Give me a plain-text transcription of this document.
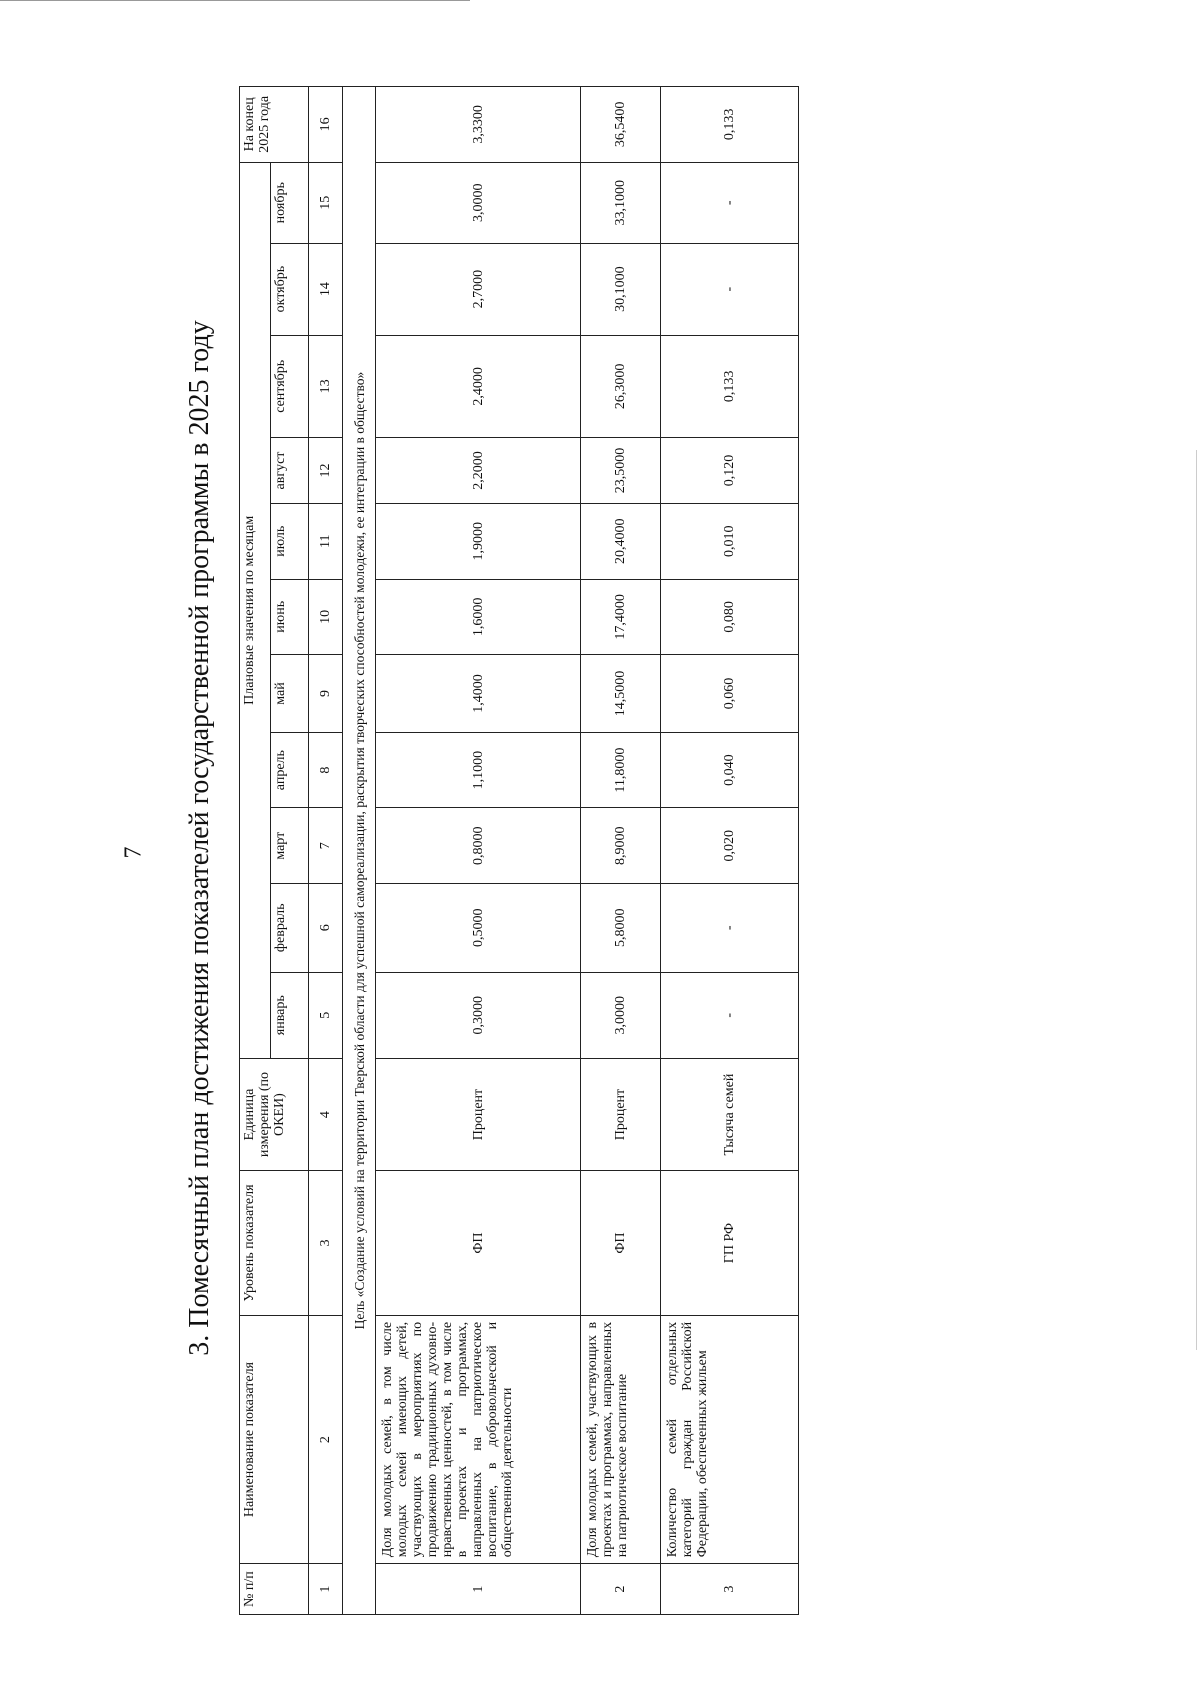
7 3. Помесячный план достижения показателей государственной программы в 2025 году
№ п/п	Наименование показателя	Уровень показателя	Единица измерения (по ОКЕИ)	Плановые значения по месяцам											На конец 2025 года
				январь	февраль	март	апрель	май	июнь	июль	август	сентябрь	октябрь	ноябрь	
1	2	3	4	5	6	7	8	9	10	11	12	13	14	15	16
Цель «Создание условий на территории Тверской области для успешной самореализации, раскрытия творческих способностей молодежи, ее интеграции в общество»															
1	Доля молодых семей, в том числе молодых семей имеющих детей, участвующих в мероприятиях по продвижению традиционных духовно-нравственных ценностей, в том числе в проектах и программах, направленных на патриотическое воспитание, в добровольческой и общественной деятельности	ФП	Процент	0,3000	0,5000	0,8000	1,1000	1,4000	1,6000	1,9000	2,2000	2,4000	2,7000	3,0000	3,3300
2	Доля молодых семей, участвующих в проектах и программах, направленных на патриотическое воспитание	ФП	Процент	3,0000	5,8000	8,9000	11,8000	14,5000	17,4000	20,4000	23,5000	26,3000	30,1000	33,1000	36,5400
3	Количество семей отдельных категорий граждан Российской Федерации, обеспеченных жильем	ГП РФ	Тысяча семей	-	-	0,020	0,040	0,060	0,080	0,010	0,120	0,133	-	-	0,133
